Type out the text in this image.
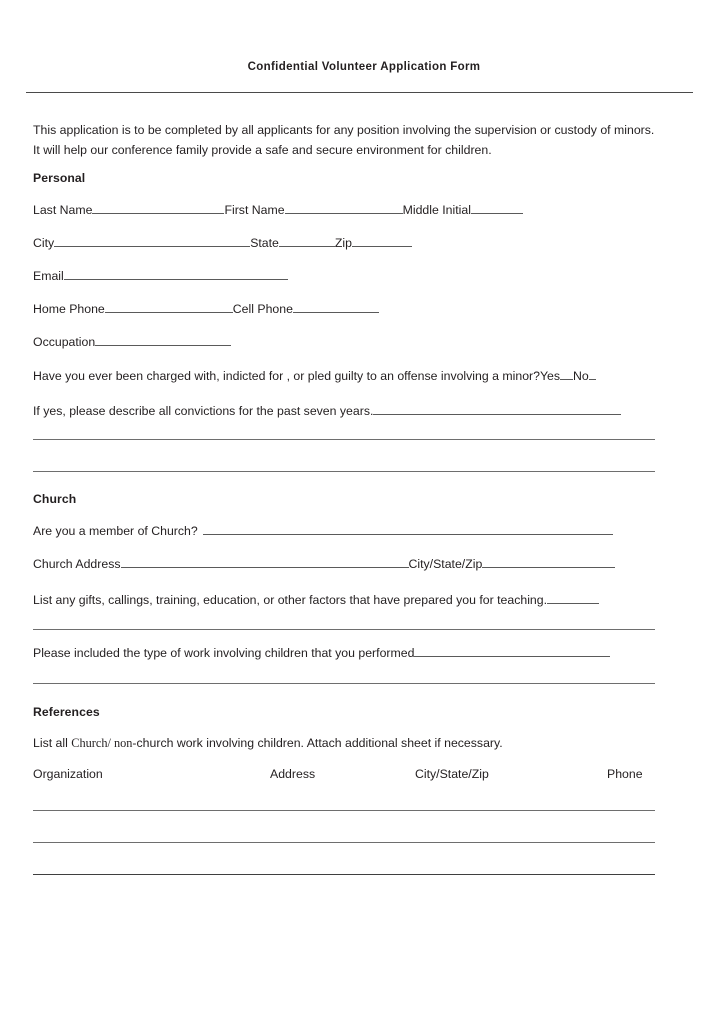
Confidential Volunteer Application Form

This application is to be completed by all applicants for any position involving the supervision or custody of minors. It will help our conference family provide a safe and secure environment for children.

Personal
Last Name	First Name	Middle Initial
City	State	Zip
Email
Home Phone	Cell Phone
Occupation
Have you ever been charged with, indicted for , or pled guilty to an offense involving a minor?Yes No
If yes, please describe all convictions for the past seven years.
Church
Are you a member of Church?
Church Address	City/State/Zip
List any gifts, callings, training, education, or other factors that have prepared you for teaching.
Please included the type of work involving children that you performed
References
List all Church/ non-church work involving children. Attach additional sheet if necessary.
Organization	Address	City/State/Zip	Phone
